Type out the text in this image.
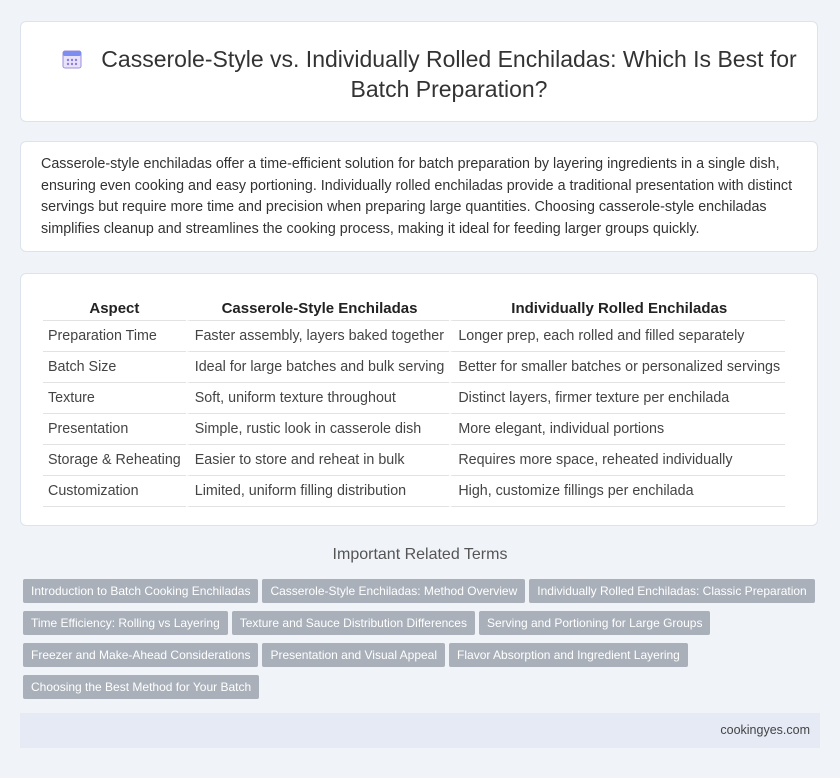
Casserole-Style vs. Individually Rolled Enchiladas: Which Is Best for Batch Preparation?

Casserole-style enchiladas offer a time-efficient solution for batch preparation by layering ingredients in a single dish, ensuring even cooking and easy portioning. Individually rolled enchiladas provide a traditional presentation with distinct servings but require more time and precision when preparing large quantities. Choosing casserole-style enchiladas simplifies cleanup and streamlines the cooking process, making it ideal for feeding larger groups quickly.

Aspect	Casserole-Style Enchiladas	Individually Rolled Enchiladas
Preparation Time	Faster assembly, layers baked together	Longer prep, each rolled and filled separately
Batch Size	Ideal for large batches and bulk serving	Better for smaller batches or personalized servings
Texture	Soft, uniform texture throughout	Distinct layers, firmer texture per enchilada
Presentation	Simple, rustic look in casserole dish	More elegant, individual portions
Storage & Reheating	Easier to store and reheat in bulk	Requires more space, reheated individually
Customization	Limited, uniform filling distribution	High, customize fillings per enchilada
Important Related Terms
Introduction to Batch Cooking Enchiladas Casserole-Style Enchiladas: Method Overview Individually Rolled Enchiladas: Classic Preparation
Time Efficiency: Rolling vs Layering Texture and Sauce Distribution Differences Serving and Portioning for Large Groups
Freezer and Make-Ahead Considerations Presentation and Visual Appeal Flavor Absorption and Ingredient Layering
Choosing the Best Method for Your Batch
cookingyes.com
